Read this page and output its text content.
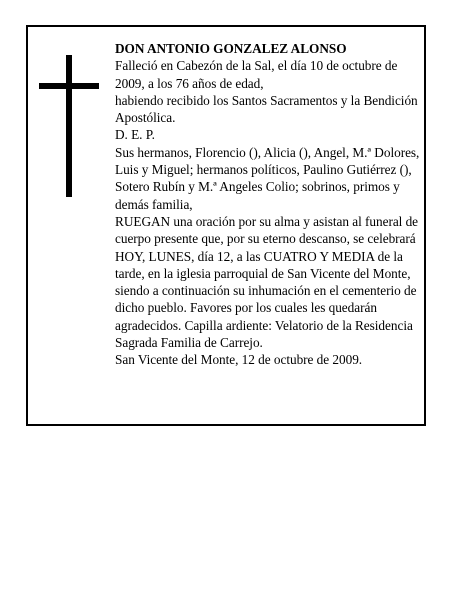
DON ANTONIO GONZALEZ ALONSO

Falleció en Cabezón de la Sal, el día 10 de octubre de 2009, a los 76 años de edad,

habiendo recibido los Santos Sacramentos y la Bendición Apostólica.

D. E. P.

Sus hermanos, Florencio (), Alicia (), Angel, M.ª Dolores, Luis y Miguel; hermanos políticos, Paulino Gutiérrez (), Sotero Rubín y M.ª Angeles Colio; sobrinos, primos y demás familia,

RUEGAN una oración por su alma y asistan al funeral de cuerpo presente que, por su eterno descanso, se celebrará HOY, LUNES, día 12, a las CUATRO Y MEDIA de la tarde, en la iglesia parroquial de San Vicente del Monte, siendo a continuación su inhumación en el cementerio de dicho pueblo. Favores por los cuales les quedarán agradecidos. Capilla ardiente: Velatorio de la Residencia Sagrada Familia de Carrejo.

San Vicente del Monte, 12 de octubre de 2009.
